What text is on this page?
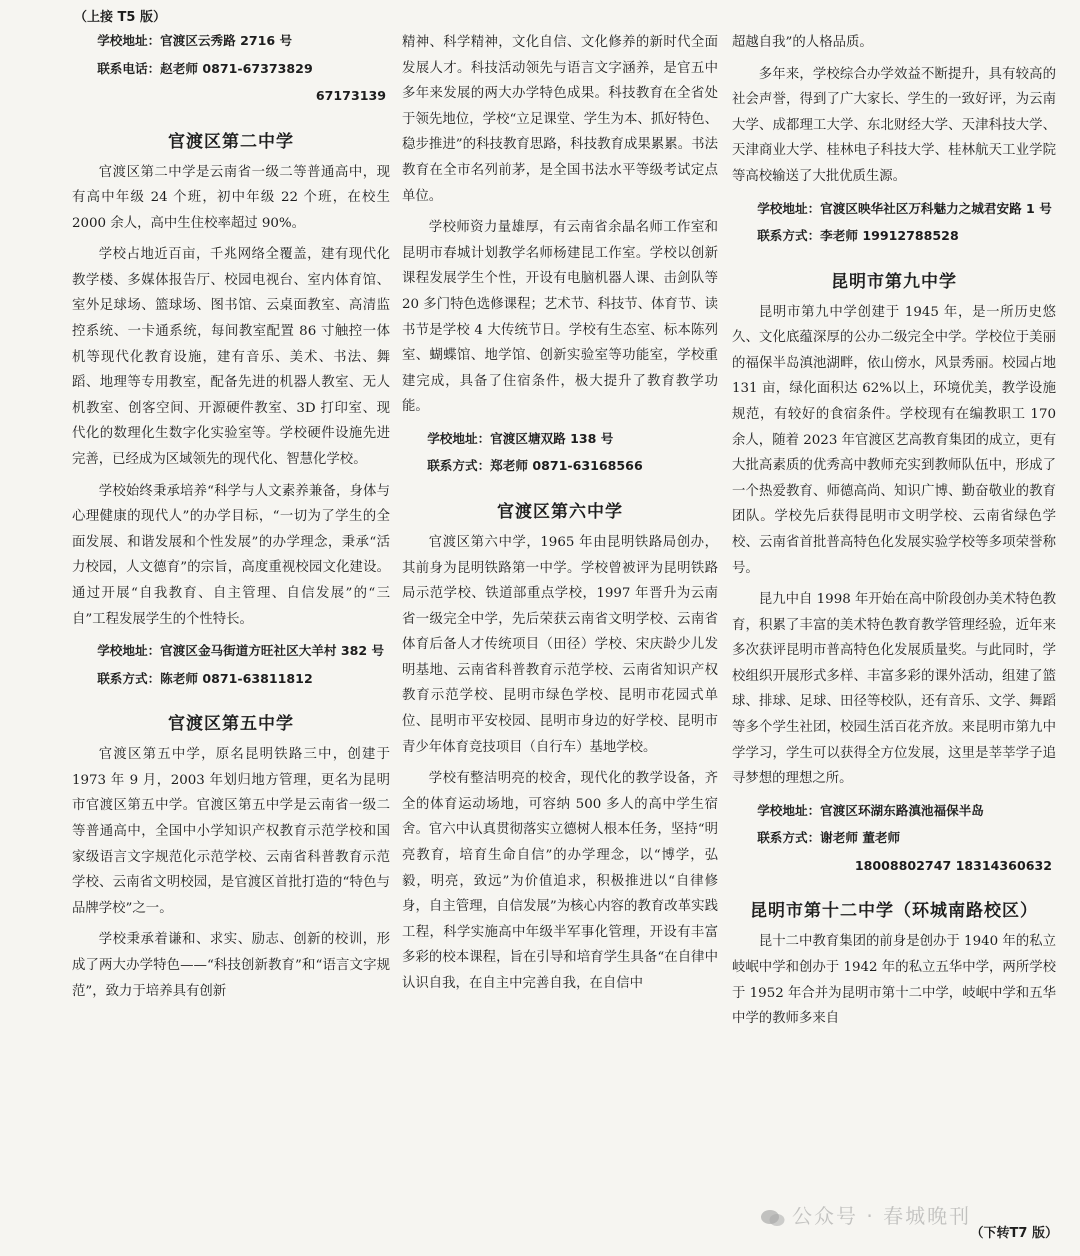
（上接 T5 版）
学校地址：官渡区云秀路 2716 号
联系电话：赵老师 0871-67373829
67173139
官渡区第二中学

官渡区第二中学是云南省一级二等普通高中，现有高中年级 24 个班，初中年级 22 个班，在校生 2000 余人，高中生住校率超过 90%。

学校占地近百亩，千兆网络全覆盖，建有现代化教学楼、多媒体报告厅、校园电视台、室内体育馆、室外足球场、篮球场、图书馆、云桌面教室、高清监控系统、一卡通系统，每间教室配置 86 寸触控一体机等现代化教育设施，建有音乐、美术、书法、舞蹈、地理等专用教室，配备先进的机器人教室、无人机教室、创客空间、开源硬件教室、3D 打印室、现代化的数理化生数字化实验室等。学校硬件设施先进完善，已经成为区域领先的现代化、智慧化学校。

学校始终秉承培养“科学与人文素养兼备，身体与心理健康的现代人”的办学目标，“一切为了学生的全面发展、和谐发展和个性发展”的办学理念，秉承“活力校园，人文德育”的宗旨，高度重视校园文化建设。通过开展“自我教育、自主管理、自信发展”的“三自”工程发展学生的个性特长。

学校地址：官渡区金马街道方旺社区大羊村 382 号
联系方式：陈老师 0871-63811812
官渡区第五中学

官渡区第五中学，原名昆明铁路三中，创建于 1973 年 9 月，2003 年划归地方管理，更名为昆明市官渡区第五中学。官渡区第五中学是云南省一级二等普通高中，全国中小学知识产权教育示范学校和国家级语言文字规范化示范学校、云南省科普教育示范学校、云南省文明校园，是官渡区首批打造的“特色与品牌学校”之一。

学校秉承着谦和、求实、励志、创新的校训，形成了两大办学特色——“科技创新教育”和“语言文字规范”，致力于培养具有创新

精神、科学精神，文化自信、文化修养的新时代全面发展人才。科技活动领先与语言文字涵养，是官五中多年来发展的两大办学特色成果。科技教育在全省处于领先地位，学校“立足课堂、学生为本、抓好特色、稳步推进”的科技教育思路，科技教育成果累累。书法教育在全市名列前茅，是全国书法水平等级考试定点单位。

学校师资力量雄厚，有云南省余晶名师工作室和昆明市春城计划教学名师杨建昆工作室。学校以创新课程发展学生个性，开设有电脑机器人课、击剑队等 20 多门特色选修课程；艺术节、科技节、体育节、读书节是学校 4 大传统节日。学校有生态室、标本陈列室、蝴蝶馆、地学馆、创新实验室等功能室，学校重建完成，具备了住宿条件，极大提升了教育教学功能。

学校地址：官渡区塘双路 138 号
联系方式：郑老师 0871-63168566
官渡区第六中学

官渡区第六中学，1965 年由昆明铁路局创办，其前身为昆明铁路第一中学。学校曾被评为昆明铁路局示范学校、铁道部重点学校，1997 年晋升为云南省一级完全中学，先后荣获云南省文明学校、云南省体育后备人才传统项目（田径）学校、宋庆龄少儿发明基地、云南省科普教育示范学校、云南省知识产权教育示范学校、昆明市绿色学校、昆明市花园式单位、昆明市平安校园、昆明市身边的好学校、昆明市青少年体育竞技项目（自行车）基地学校。

学校有整洁明亮的校舍，现代化的教学设备，齐全的体育运动场地，可容纳 500 多人的高中学生宿舍。官六中认真贯彻落实立德树人根本任务，坚持“明亮教育，培育生命自信”的办学理念，以“博学，弘毅，明亮，致远”为价值追求，积极推进以“自律修身，自主管理，自信发展”为核心内容的教育改革实践工程，科学实施高中年级半军事化管理，开设有丰富多彩的校本课程，旨在引导和培育学生具备“在自律中认识自我，在自主中完善自我，在自信中

超越自我”的人格品质。

多年来，学校综合办学效益不断提升，具有较高的社会声誉，得到了广大家长、学生的一致好评，为云南大学、成都理工大学、东北财经大学、天津科技大学、天津商业大学、桂林电子科技大学、桂林航天工业学院等高校输送了大批优质生源。

学校地址：官渡区映华社区万科魅力之城君安路 1 号
联系方式：李老师 19912788528
昆明市第九中学

昆明市第九中学创建于 1945 年，是一所历史悠久、文化底蕴深厚的公办二级完全中学。学校位于美丽的福保半岛滇池湖畔，依山傍水，风景秀丽。校园占地 131 亩，绿化面积达 62%以上，环境优美，教学设施规范，有较好的食宿条件。学校现有在编教职工 170 余人，随着 2023 年官渡区艺高教育集团的成立，更有大批高素质的优秀高中教师充实到教师队伍中，形成了一个热爱教育、师德高尚、知识广博、勤奋敬业的教育团队。学校先后获得昆明市文明学校、云南省绿色学校、云南省首批普高特色化发展实验学校等多项荣誉称号。

昆九中自 1998 年开始在高中阶段创办美术特色教育，积累了丰富的美术特色教育教学管理经验，近年来多次获评昆明市普高特色化发展质量奖。与此同时，学校组织开展形式多样、丰富多彩的课外活动，组建了篮球、排球、足球、田径等校队，还有音乐、文学、舞蹈等多个学生社团，校园生活百花齐放。来昆明市第九中学学习，学生可以获得全方位发展，这里是莘莘学子追寻梦想的理想之所。

学校地址：官渡区环湖东路滇池福保半岛
联系方式：谢老师 董老师
18008802747 18314360632
昆明市第十二中学（环城南路校区）

昆十二中教育集团的前身是创办于 1940 年的私立岐岷中学和创办于 1942 年的私立五华中学，两所学校于 1952 年合并为昆明市第十二中学，岐岷中学和五华中学的教师多来自

公众号 · 春城晚刊
（下转T7 版）
